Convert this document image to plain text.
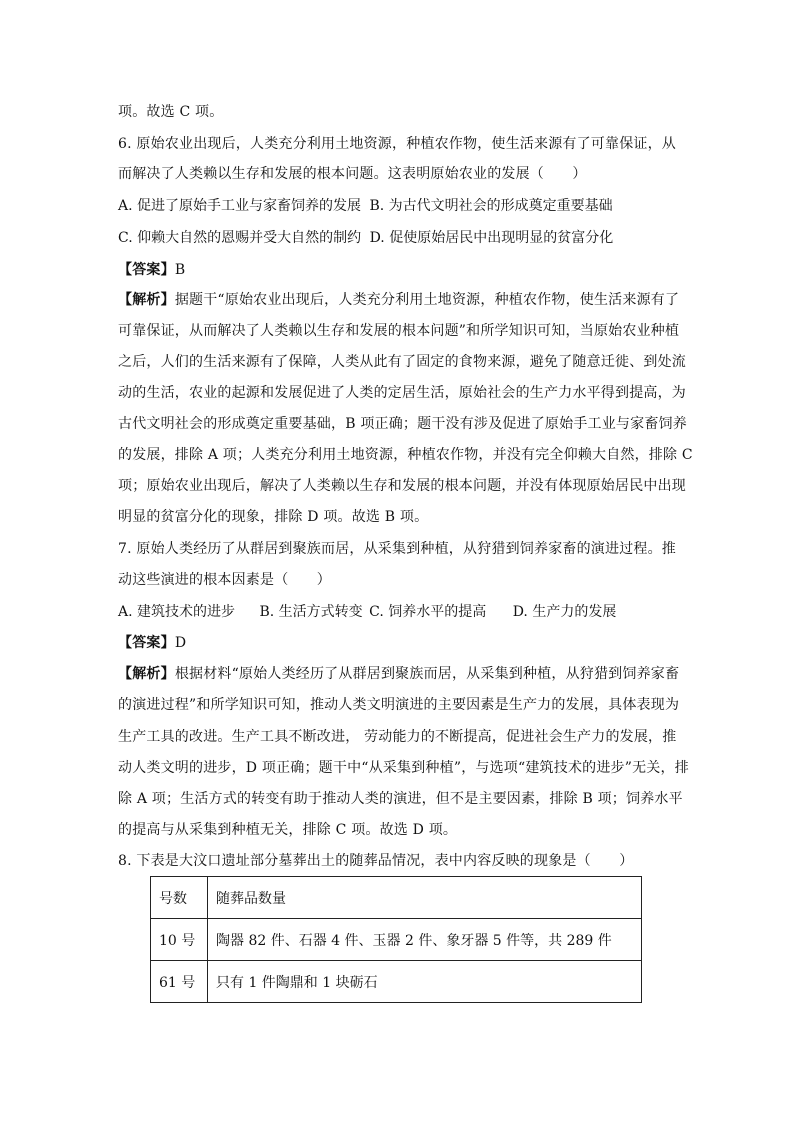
项。故选 C 项。
6. 原始农业出现后，人类充分利用土地资源，种植农作物，使生活来源有了可靠保证，从
而解决了人类赖以生存和发展的根本问题。这表明原始农业的发展（　　）
A. 促进了原始手工业与家畜饲养的发展 B. 为古代文明社会的形成奠定重要基础
C. 仰赖大自然的恩赐并受大自然的制约 D. 促使原始居民中出现明显的贫富分化
【答案】B
【解析】据题干“原始农业出现后，人类充分利用土地资源，种植农作物，使生活来源有了
可靠保证，从而解决了人类赖以生存和发展的根本问题”和所学知识可知，当原始农业种植
之后，人们的生活来源有了保障，人类从此有了固定的食物来源，避免了随意迁徙、到处流
动的生活，农业的起源和发展促进了人类的定居生活，原始社会的生产力水平得到提高，为
古代文明社会的形成奠定重要基础，B 项正确；题干没有涉及促进了原始手工业与家畜饲养
的发展，排除 A 项；人类充分利用土地资源，种植农作物，并没有完全仰赖大自然，排除 C
项；原始农业出现后，解决了人类赖以生存和发展的根本问题，并没有体现原始居民中出现
明显的贫富分化的现象，排除 D 项。故选 B 项。
7. 原始人类经历了从群居到聚族而居，从采集到种植，从狩猎到饲养家畜的演进过程。推
动这些演进的根本因素是（　　）
A. 建筑技术的进步 B. 生活方式转变 C. 饲养水平的提高 D. 生产力的发展
【答案】D
【解析】根据材料“原始人类经历了从群居到聚族而居，从采集到种植，从狩猎到饲养家畜
的演进过程”和所学知识可知，推动人类文明演进的主要因素是生产力的发展，具体表现为
生产工具的改进。生产工具不断改进， 劳动能力的不断提高，促进社会生产力的发展，推
动人类文明的进步，D 项正确；题干中“从采集到种植”，与选项“建筑技术的进步”无关，排
除 A 项；生活方式的转变有助于推动人类的演进，但不是主要因素，排除 B 项；饲养水平
的提高与从采集到种植无关，排除 C 项。故选 D 项。
8. 下表是大汶口遗址部分墓葬出土的随葬品情况，表中内容反映的现象是（　　）
号数	随葬品数量
10 号	陶器 82 件、石器 4 件、玉器 2 件、象牙器 5 件等，共 289 件
61 号	只有 1 件陶鼎和 1 块砺石
